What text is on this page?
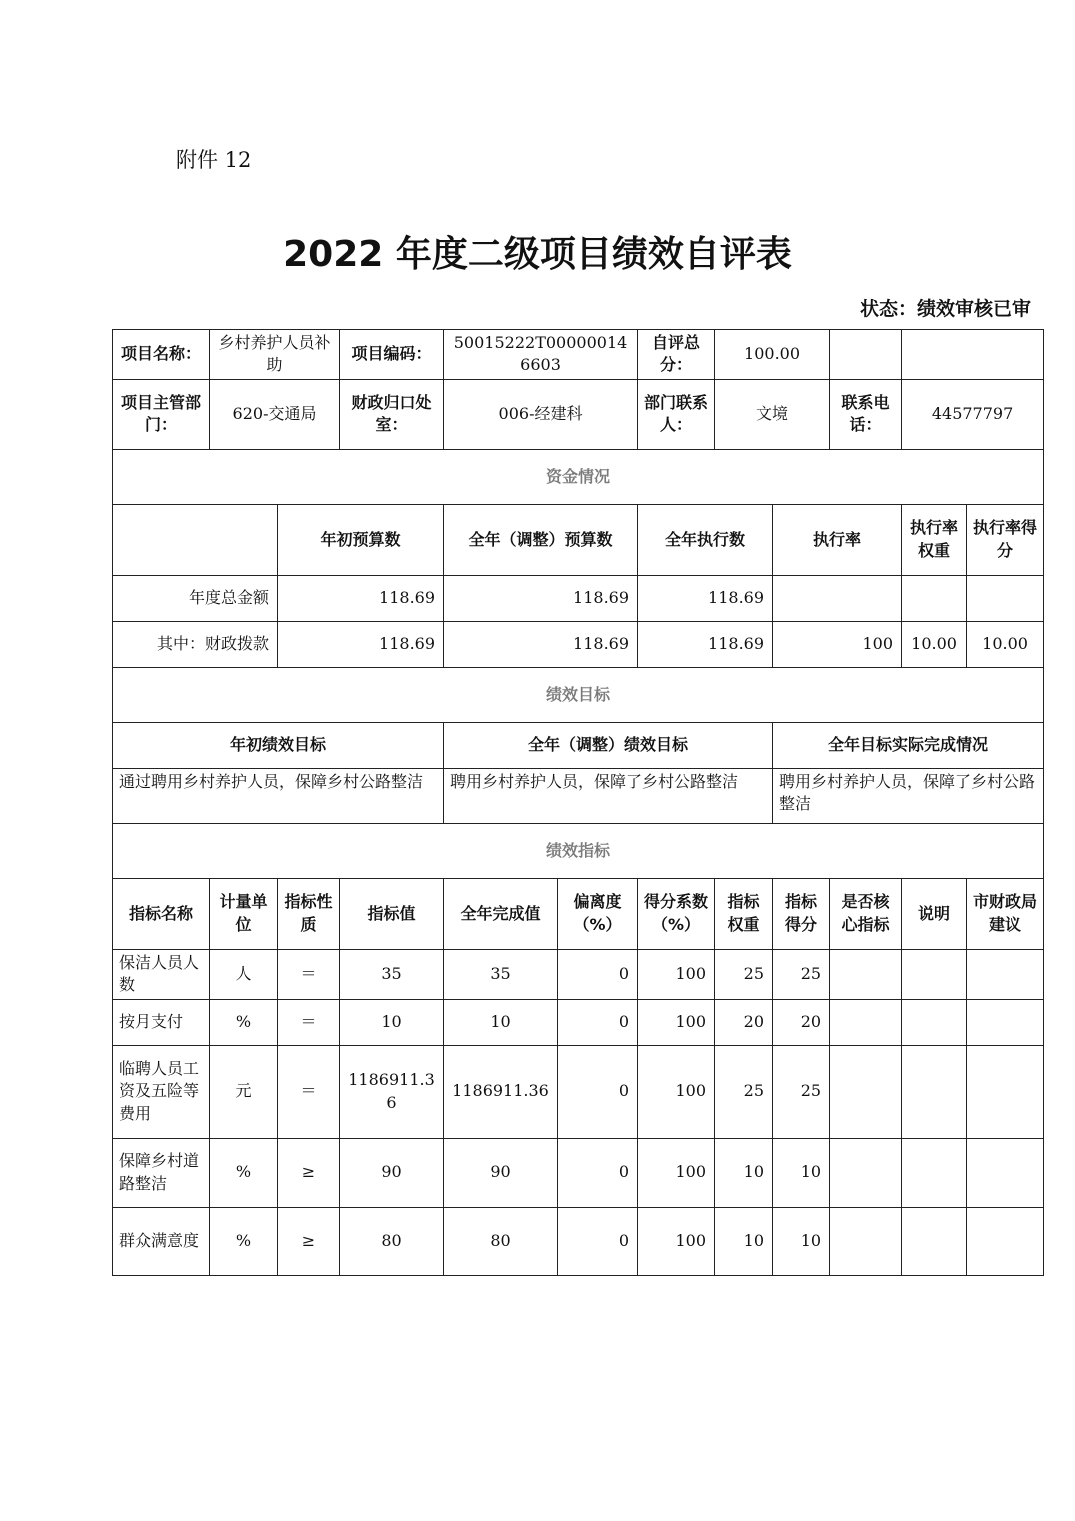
附件 12
2022 年度二级项目绩效自评表
状态：绩效审核已审
项目名称：	乡村养护人员补助		项目编码：	50015222T000000146603		自评总分：	100.00				
项目主管部门：	620-交通局		财政归口处室：	006-经建科		部门联系人：	文境		联系电话：	44577797	
资金情况											
		年初预算数		全年（调整）预算数		全年执行数		执行率		执行率权重	执行率得分
年度总金额		118.69		118.69		118.69					
其中：财政拨款		118.69		118.69		118.69		100		10.00	10.00
绩效目标											
年初绩效目标				全年（调整）绩效目标				全年目标实际完成情况			
通过聘用乡村养护人员，保障乡村公路整洁				聘用乡村养护人员，保障了乡村公路整洁				聘用乡村养护人员，保障了乡村公路整洁			
绩效指标											
指标名称	计量单位	指标性质	指标值	全年完成值	偏离度（%）	得分系数（%）	指标权重	指标得分	是否核心指标	说明	市财政局建议
保洁人员人数	人	＝	35	35	0	100	25	25			
按月支付	%	＝	10	10	0	100	20	20			
临聘人员工资及五险等费用	元	＝	1186911.36	1186911.36	0	100	25	25			
保障乡村道路整洁	%	≥	90	90	0	100	10	10			
群众满意度	%	≥	80	80	0	100	10	10			
